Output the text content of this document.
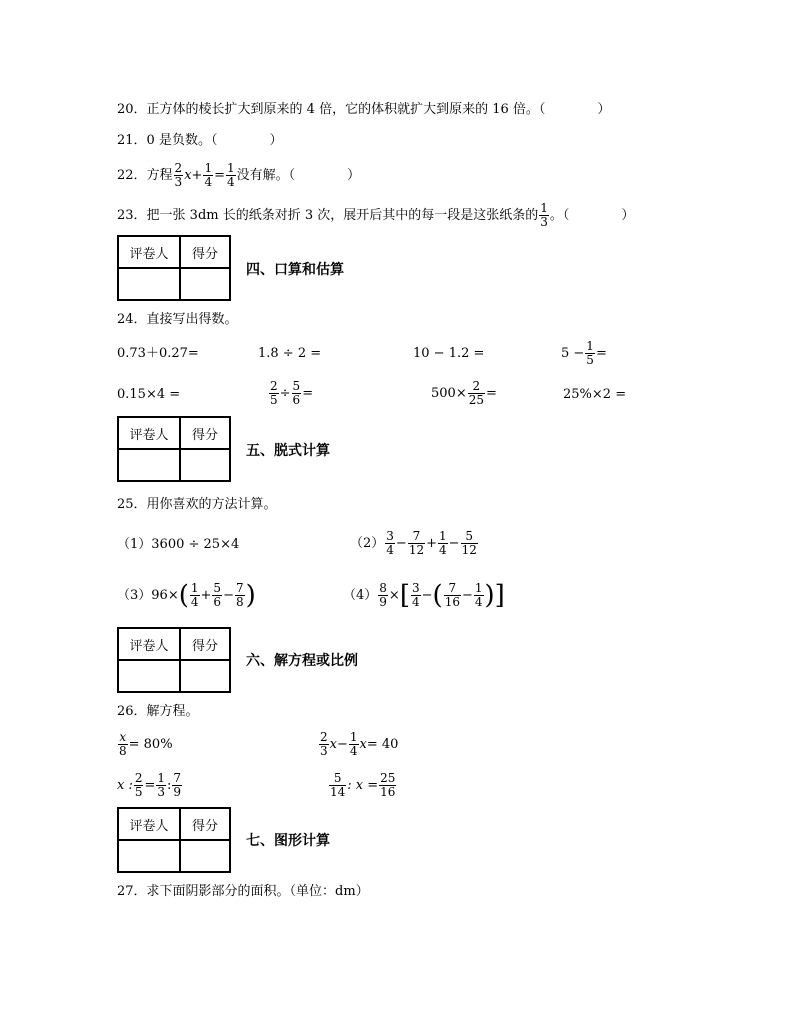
20．正方体的棱长扩大到原来的 4 倍，它的体积就扩大到原来的 16 倍。（　　　　）
21．0 是负数。（　　　　）
22．方程 $\frac{2}{3} x+ \frac{1}{4} = \frac{1}{4}$ 没有解。（　　　　）
23．把一张 3dm 长的纸条对折 3 次，展开后其中的每一段是这张纸条的 $\frac{1}{3}$ 。（　　　　）
评卷人	得分

四、口算和估算
24．直接写出得数。
0.73＋0.27=	1.8 ÷ 2 =	10 − 1.2 =	$5 - \frac{1}{5}$ =
0.15×4 =	$\frac{2}{5} \div \frac{5}{6}$ =	$500\times \frac{2}{25}$ =	25%×2 =
评卷人	得分

五、脱式计算
25．用你喜欢的方法计算。
（1）3600 ÷ 25×4	$(2) \frac{3}{4} - \frac{7}{12} + \frac{1}{4} - \frac{5}{12}$
$(3)96\times( \frac{1}{4} + \frac{5}{6} - \frac{7}{8}$ )	$(4) \frac{8}{9}$ ×[ $\frac{3}{4}$ −( $\frac{7}{16} - \frac{1}{4}$ )]
评卷人	得分

六、解方程或比例
26．解方程。
$\frac{x}{8} = 80\%$	$\frac{2}{3} x- \frac{1}{4} x= 40$
x : $\frac{2}{5} = \frac{1}{3}$ : $\frac{7}{9}$	$\frac{5}{14}$ : $x = \frac{25}{16}$
评卷人	得分

七、图形计算
27．求下面阴影部分的面积。（单位：dm）
